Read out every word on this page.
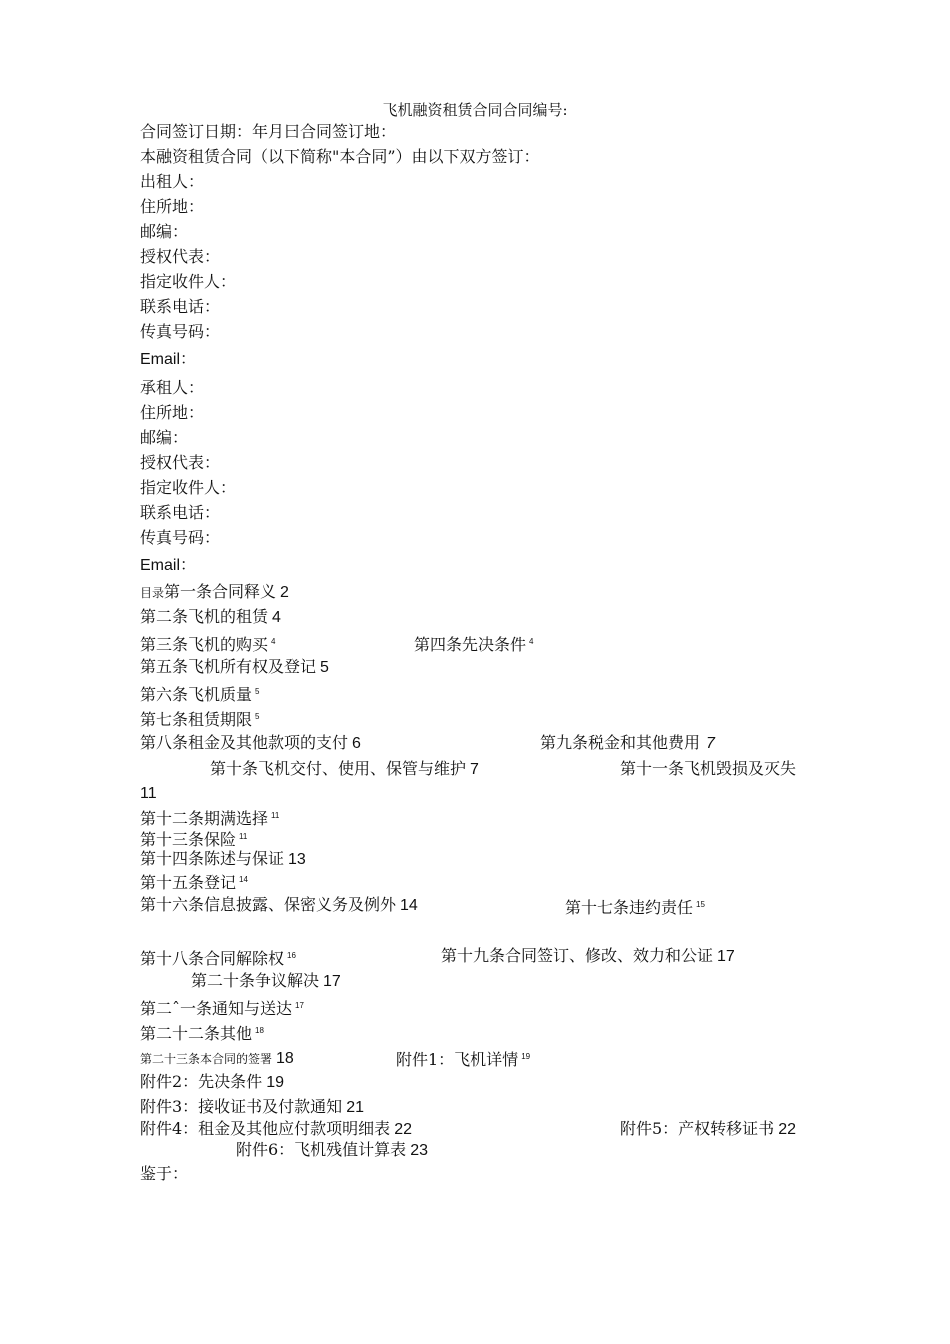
飞机融资租赁合同合同编号:
合同签订日期：年月曰合同签订地：
本融资租赁合同（以下简称"本合同”）由以下双方签订：
出租人：
住所地：
邮编：
授权代表：
指定收件人：
联系电话：
传真号码：
Email：
承租人：
住所地：
邮编：
授权代表：
指定收件人：
联系电话：
传真号码：
Email：
目录第一条合同释义 2
第二条飞机的租赁 4
第三条飞机的购买 $^4$	第四条先决条件 $^4$
第五条飞机所有权及登记 5
第六条飞机质量 $^5$
第七条租赁期限 $^5$
第八条租金及其他款项的支付 6	第九条税金和其他费用 7
第十条飞机交付、使用、保管与维护 7	第十一条飞机毁损及灭失
11
第十二条期满选择 $^{11}$
第十三条保险 $^{11}$
第十四条陈述与保证 13
第十五条登记 $^{14}$
第十六条信息披露、保密义务及例外 14	第十七条违约责任 $^{15}$
第十八条合同解除权 $^{16}$	第十九条合同签订、修改、效力和公证 17
第二十条争议解决 17
第二ˆ一条通知与送达 $^{17}$
第二十二条其他 $^{18}$
第二十三条本合同的签署 18	附件1：飞机详情 $^{19}$
附件2：先决条件 19
附件3：接收证书及付款通知 21
附件4：租金及其他应付款项明细表 22	附件5：产权转移证书 22
附件6：飞机残值计算表 23
鉴于：
